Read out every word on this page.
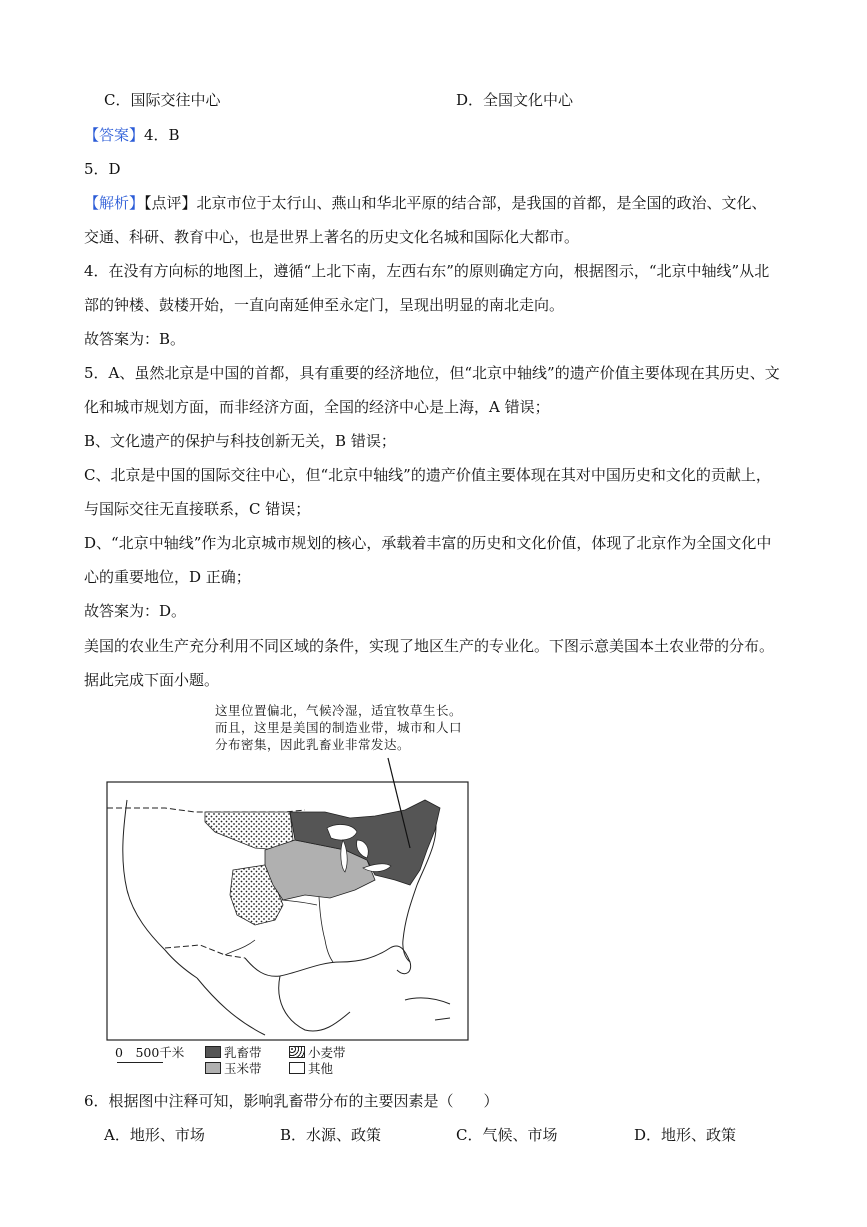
C．国际交往中心	D．全国文化中心
【答案】4．B
5．D
【解析】【点评】北京市位于太行山、燕山和华北平原的结合部，是我国的首都，是全国的政治、文化、
交通、科研、教育中心，也是世界上著名的历史文化名城和国际化大都市。
4．在没有方向标的地图上，遵循“上北下南，左西右东”的原则确定方向，根据图示，“北京中轴线”从北
部的钟楼、鼓楼开始，一直向南延伸至永定门，呈现出明显的南北走向。
故答案为：B。
5．A、虽然北京是中国的首都，具有重要的经济地位，但“北京中轴线”的遗产价值主要体现在其历史、文
化和城市规划方面，而非经济方面，全国的经济中心是上海，A 错误；
B、文化遗产的保护与科技创新无关，B 错误；
C、北京是中国的国际交往中心，但“北京中轴线”的遗产价值主要体现在其对中国历史和文化的贡献上，
与国际交往无直接联系，C 错误；
D、“北京中轴线”作为北京城市规划的核心，承载着丰富的历史和文化价值，体现了北京作为全国文化中
心的重要地位，D 正确；
故答案为：D。
美国的农业生产充分利用不同区域的条件，实现了地区生产的专业化。下图示意美国本土农业带的分布。
据此完成下面小题。
这里位置偏北，气候冷湿，适宜牧草生长。而且，这里是美国的制造业带，城市和人口分布密集，因此乳畜业非常发达。
0　500千米	乳畜带	小麦带
玉米带	其他
6．根据图中注释可知，影响乳畜带分布的主要因素是（　　）
A．地形、市场	B．水源、政策	C．气候、市场	D．地形、政策
